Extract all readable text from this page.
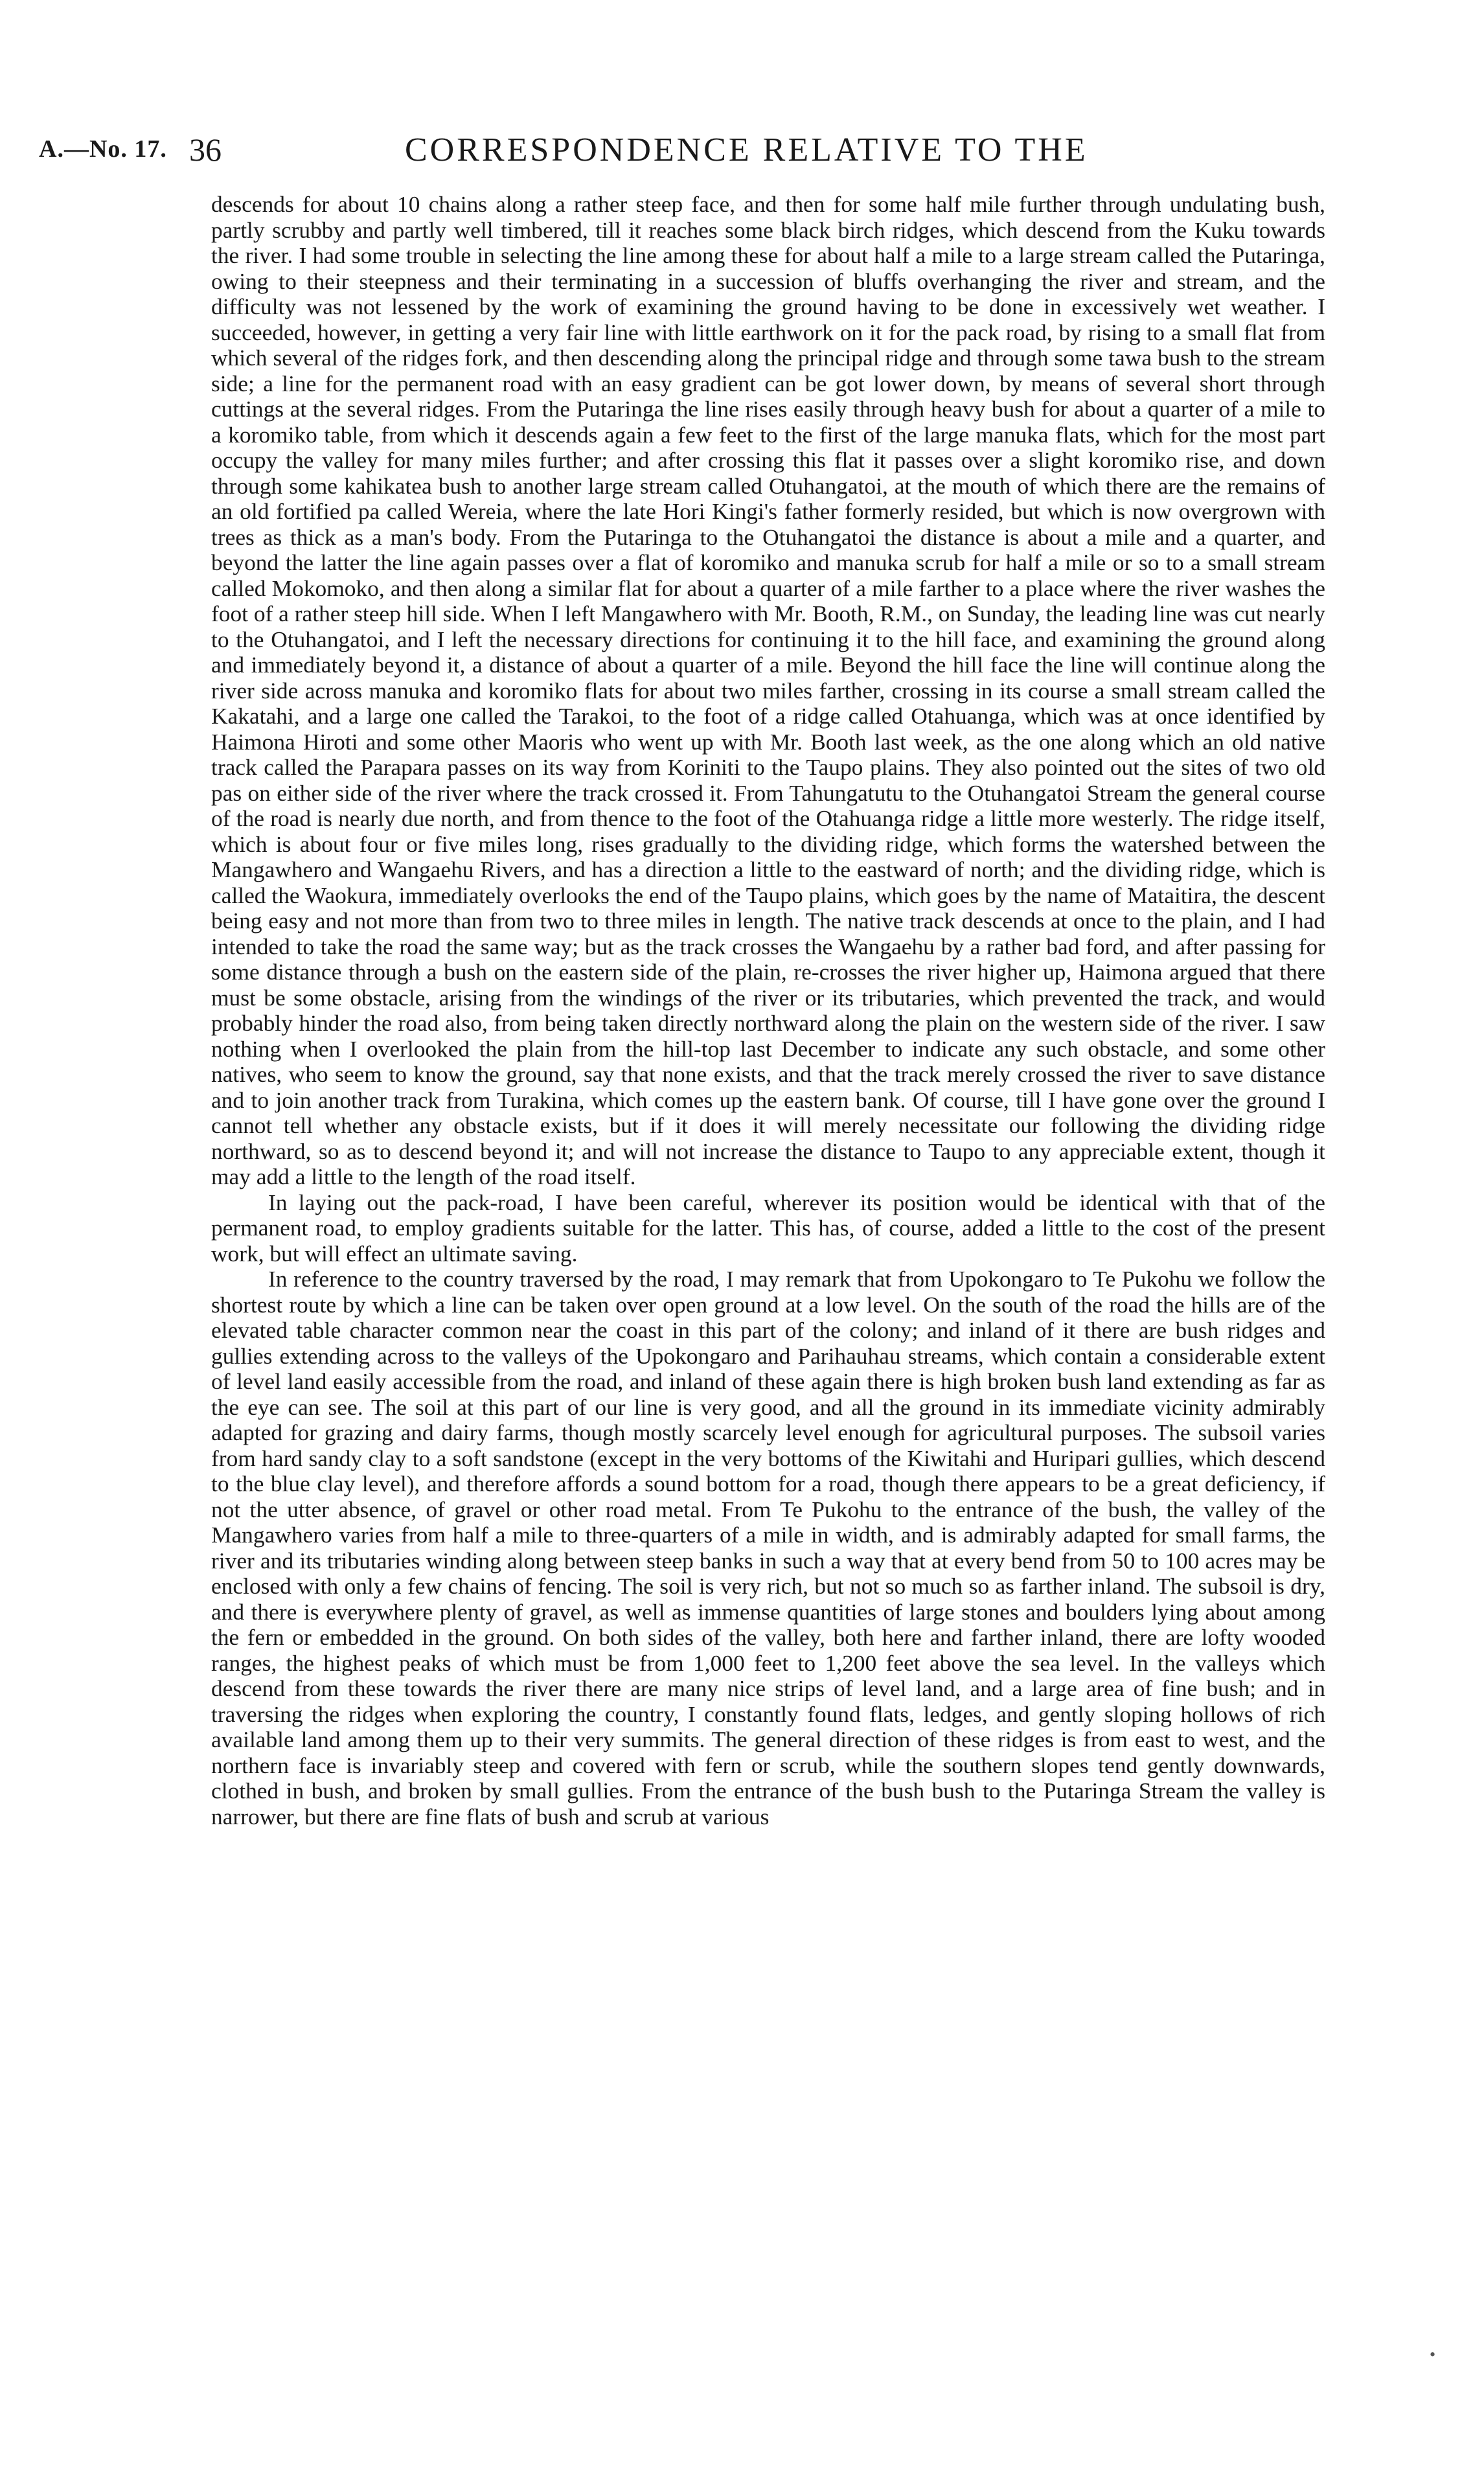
A.—No. 17. 36	CORRESPONDENCE RELATIVE TO THE

descends for about 10 chains along a rather steep face, and then for some half mile further through undulating bush, partly scrubby and partly well timbered, till it reaches some black birch ridges, which descend from the Kuku towards the river. I had some trouble in selecting the line among these for about half a mile to a large stream called the Putaringa, owing to their steepness and their terminating in a succession of bluffs overhanging the river and stream, and the difficulty was not lessened by the work of examining the ground having to be done in excessively wet weather. I succeeded, however, in getting a very fair line with little earthwork on it for the pack road, by rising to a small flat from which several of the ridges fork, and then descending along the principal ridge and through some tawa bush to the stream side; a line for the permanent road with an easy gradient can be got lower down, by means of several short through cuttings at the several ridges. From the Putaringa the line rises easily through heavy bush for about a quarter of a mile to a koromiko table, from which it descends again a few feet to the first of the large manuka flats, which for the most part occupy the valley for many miles further; and after crossing this flat it passes over a slight koromiko rise, and down through some kahikatea bush to another large stream called Otuhangatoi, at the mouth of which there are the remains of an old fortified pa called Wereia, where the late Hori Kingi's father formerly resided, but which is now overgrown with trees as thick as a man's body. From the Putaringa to the Otuhangatoi the distance is about a mile and a quarter, and beyond the latter the line again passes over a flat of koromiko and manuka scrub for half a mile or so to a small stream called Mokomoko, and then along a similar flat for about a quarter of a mile farther to a place where the river washes the foot of a rather steep hill side. When I left Mangawhero with Mr. Booth, R.M., on Sunday, the leading line was cut nearly to the Otuhangatoi, and I left the necessary directions for continuing it to the hill face, and examining the ground along and immediately beyond it, a distance of about a quarter of a mile. Beyond the hill face the line will continue along the river side across manuka and koromiko flats for about two miles farther, crossing in its course a small stream called the Kakatahi, and a large one called the Tarakoi, to the foot of a ridge called Otahuanga, which was at once identified by Haimona Hiroti and some other Maoris who went up with Mr. Booth last week, as the one along which an old native track called the Parapara passes on its way from Koriniti to the Taupo plains. They also pointed out the sites of two old pas on either side of the river where the track crossed it. From Tahungatutu to the Otuhangatoi Stream the general course of the road is nearly due north, and from thence to the foot of the Otahuanga ridge a little more westerly. The ridge itself, which is about four or five miles long, rises gradually to the dividing ridge, which forms the watershed between the Mangawhero and Wangaehu Rivers, and has a direction a little to the eastward of north; and the dividing ridge, which is called the Waokura, immediately overlooks the end of the Taupo plains, which goes by the name of Mataitira, the descent being easy and not more than from two to three miles in length. The native track descends at once to the plain, and I had intended to take the road the same way; but as the track crosses the Wangaehu by a rather bad ford, and after passing for some distance through a bush on the eastern side of the plain, re-crosses the river higher up, Haimona argued that there must be some obstacle, arising from the windings of the river or its tributaries, which prevented the track, and would probably hinder the road also, from being taken directly northward along the plain on the western side of the river. I saw nothing when I overlooked the plain from the hill-top last December to indicate any such obstacle, and some other natives, who seem to know the ground, say that none exists, and that the track merely crossed the river to save distance and to join another track from Turakina, which comes up the eastern bank. Of course, till I have gone over the ground I cannot tell whether any obstacle exists, but if it does it will merely necessitate our following the dividing ridge northward, so as to descend beyond it; and will not increase the distance to Taupo to any appreciable extent, though it may add a little to the length of the road itself.

In laying out the pack-road, I have been careful, wherever its position would be identical with that of the permanent road, to employ gradients suitable for the latter. This has, of course, added a little to the cost of the present work, but will effect an ultimate saving.

In reference to the country traversed by the road, I may remark that from Upokongaro to Te Pukohu we follow the shortest route by which a line can be taken over open ground at a low level. On the south of the road the hills are of the elevated table character common near the coast in this part of the colony; and inland of it there are bush ridges and gullies extending across to the valleys of the Upokongaro and Parihauhau streams, which contain a considerable extent of level land easily accessible from the road, and inland of these again there is high broken bush land extending as far as the eye can see. The soil at this part of our line is very good, and all the ground in its immediate vicinity admirably adapted for grazing and dairy farms, though mostly scarcely level enough for agricultural purposes. The subsoil varies from hard sandy clay to a soft sandstone (except in the very bottoms of the Kiwitahi and Huripari gullies, which descend to the blue clay level), and therefore affords a sound bottom for a road, though there appears to be a great deficiency, if not the utter absence, of gravel or other road metal. From Te Pukohu to the entrance of the bush, the valley of the Mangawhero varies from half a mile to three-quarters of a mile in width, and is admirably adapted for small farms, the river and its tributaries winding along between steep banks in such a way that at every bend from 50 to 100 acres may be enclosed with only a few chains of fencing. The soil is very rich, but not so much so as farther inland. The subsoil is dry, and there is everywhere plenty of gravel, as well as immense quantities of large stones and boulders lying about among the fern or embedded in the ground. On both sides of the valley, both here and farther inland, there are lofty wooded ranges, the highest peaks of which must be from 1,000 feet to 1,200 feet above the sea level. In the valleys which descend from these towards the river there are many nice strips of level land, and a large area of fine bush; and in traversing the ridges when exploring the country, I constantly found flats, ledges, and gently sloping hollows of rich available land among them up to their very summits. The general direction of these ridges is from east to west, and the northern face is invariably steep and covered with fern or scrub, while the southern slopes tend gently downwards, clothed in bush, and broken by small gullies. From the entrance of the bush bush to the Putaringa Stream the valley is narrower, but there are fine flats of bush and scrub at various

•
